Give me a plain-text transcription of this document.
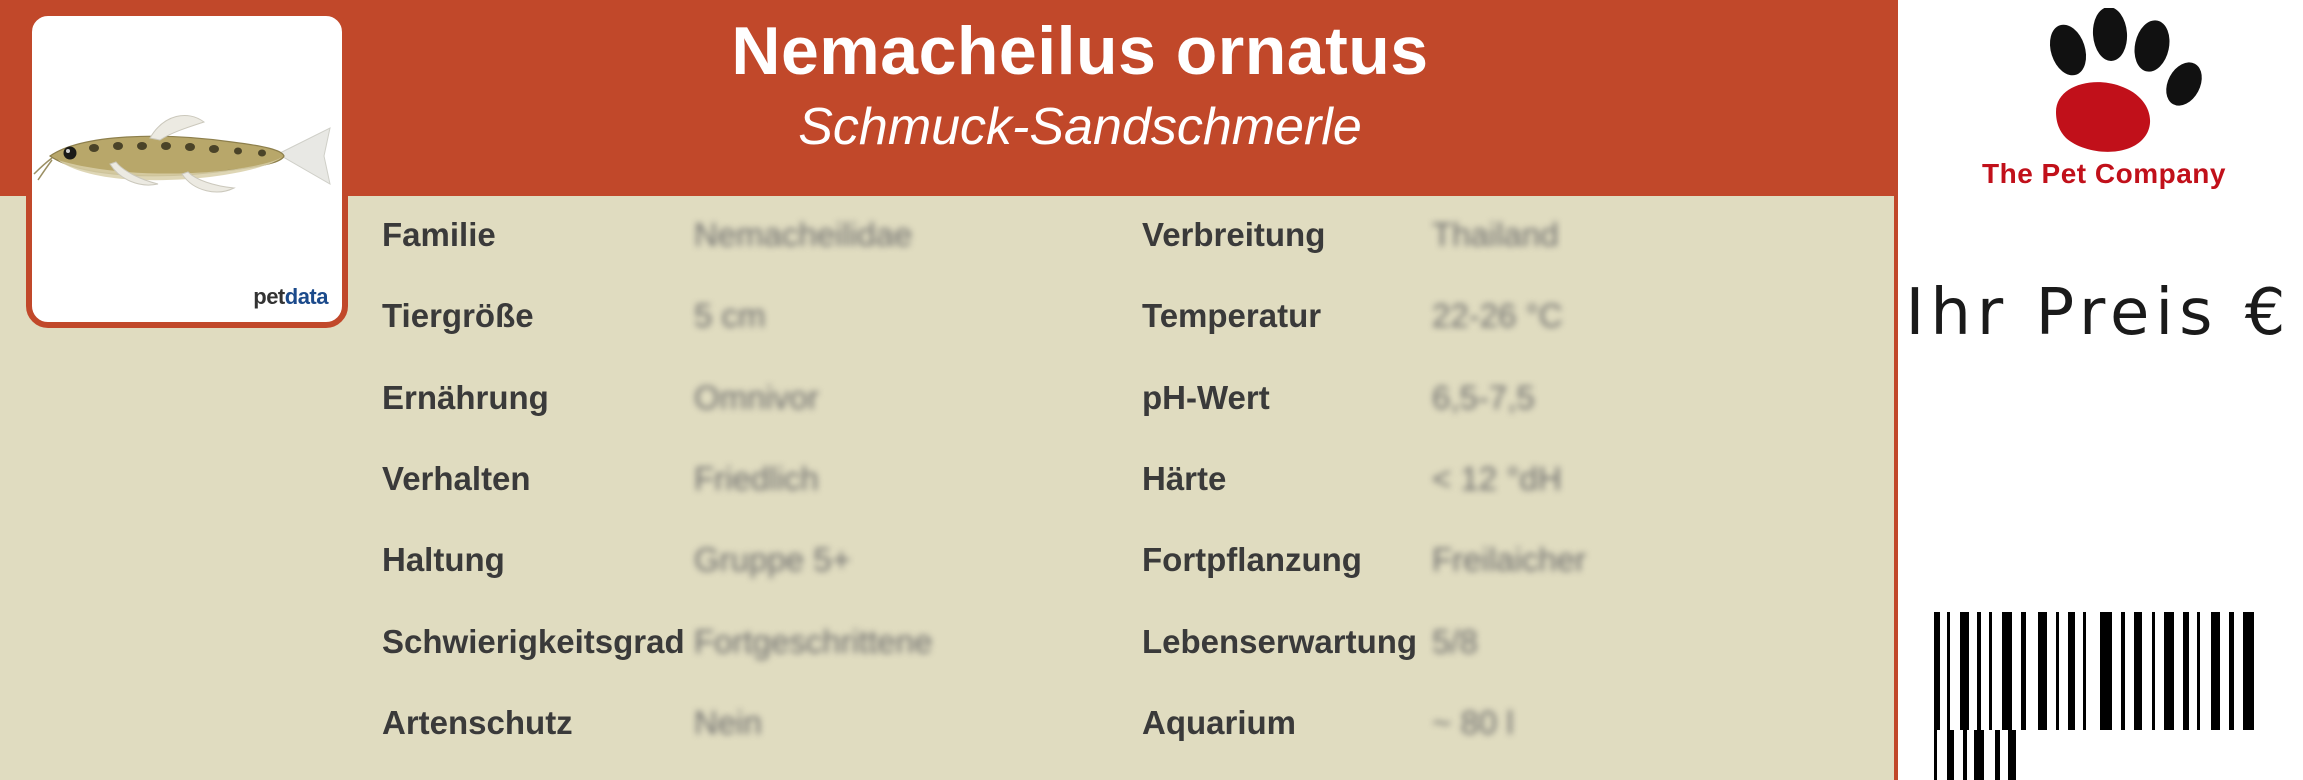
Nemacheilus ornatus
Schmuck-Sandschmerle
petdata
Familie	Nemacheilidae
Tiergröße	5 cm
Ernährung	Omnivor
Verhalten	Friedlich
Haltung	Gruppe 5+
Schwierigkeitsgrad Fortgeschrittene
Artenschutz	Nein
Verbreitung	Thailand
Temperatur	22-26 °C
pH-Wert	6,5-7,5
Härte	< 12 °dH
Fortpflanzung Freilaicher
Lebenserwartung 5/8
Aquarium	~ 80 l
The Pet Company
Ihr Preis €
